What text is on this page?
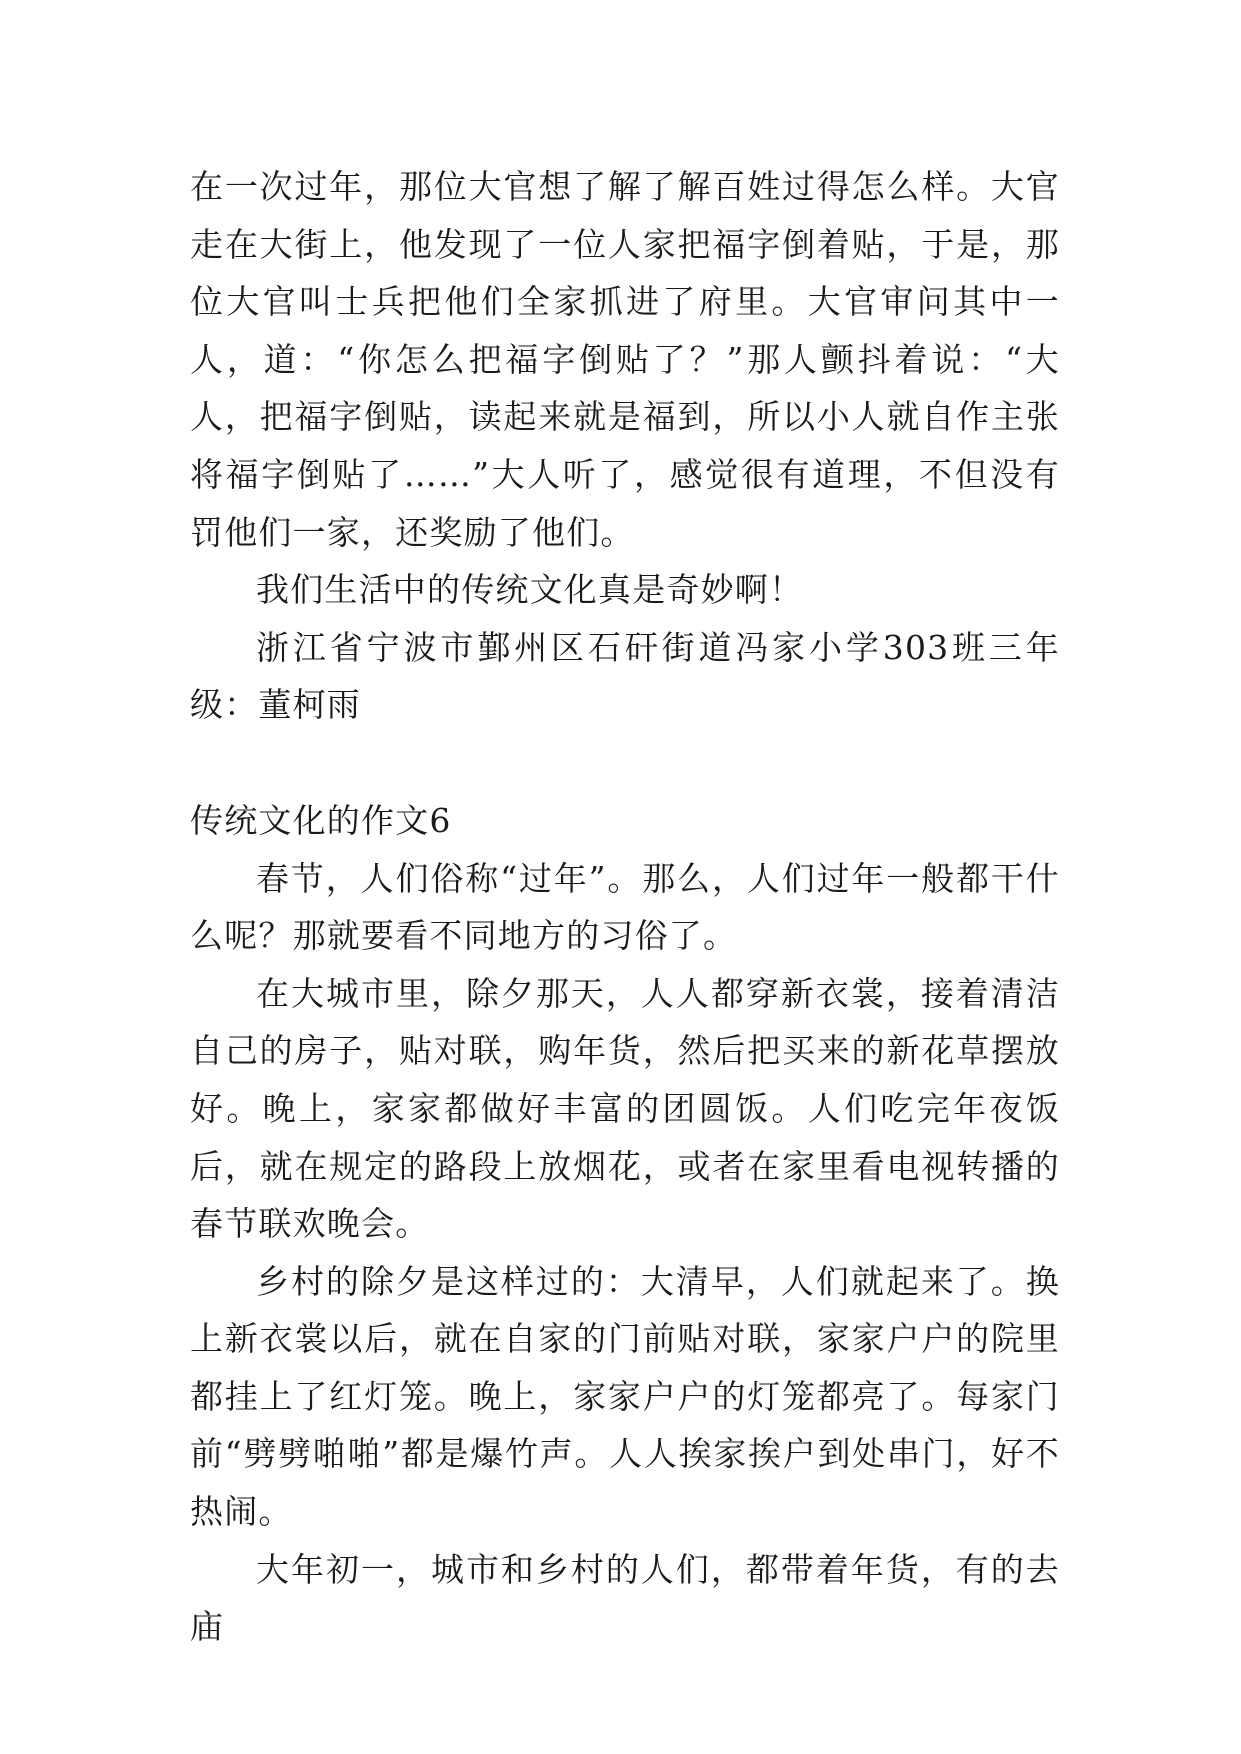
在一次过年，那位大官想了解了解百姓过得怎么样。大官走在大街上，他发现了一位人家把福字倒着贴，于是，那位大官叫士兵把他们全家抓进了府里。大官审问其中一人，道：“你怎么把福字倒贴了？”那人颤抖着说：“大人，把福字倒贴，读起来就是福到，所以小人就自作主张将福字倒贴了……”大人听了，感觉很有道理，不但没有罚他们一家，还奖励了他们。

我们生活中的传统文化真是奇妙啊！

浙江省宁波市鄞州区石矸街道冯家小学303班三年级：董柯雨

传统文化的作文6

春节，人们俗称“过年”。那么，人们过年一般都干什么呢？那就要看不同地方的习俗了。

在大城市里，除夕那天，人人都穿新衣裳，接着清洁自己的房子，贴对联，购年货，然后把买来的新花草摆放好。晚上，家家都做好丰富的团圆饭。人们吃完年夜饭后，就在规定的路段上放烟花，或者在家里看电视转播的春节联欢晚会。

乡村的除夕是这样过的：大清早，人们就起来了。换上新衣裳以后，就在自家的门前贴对联，家家户户的院里都挂上了红灯笼。晚上，家家户户的灯笼都亮了。每家门前“劈劈啪啪”都是爆竹声。人人挨家挨户到处串门，好不热闹。

大年初一，城市和乡村的人们，都带着年货，有的去庙
